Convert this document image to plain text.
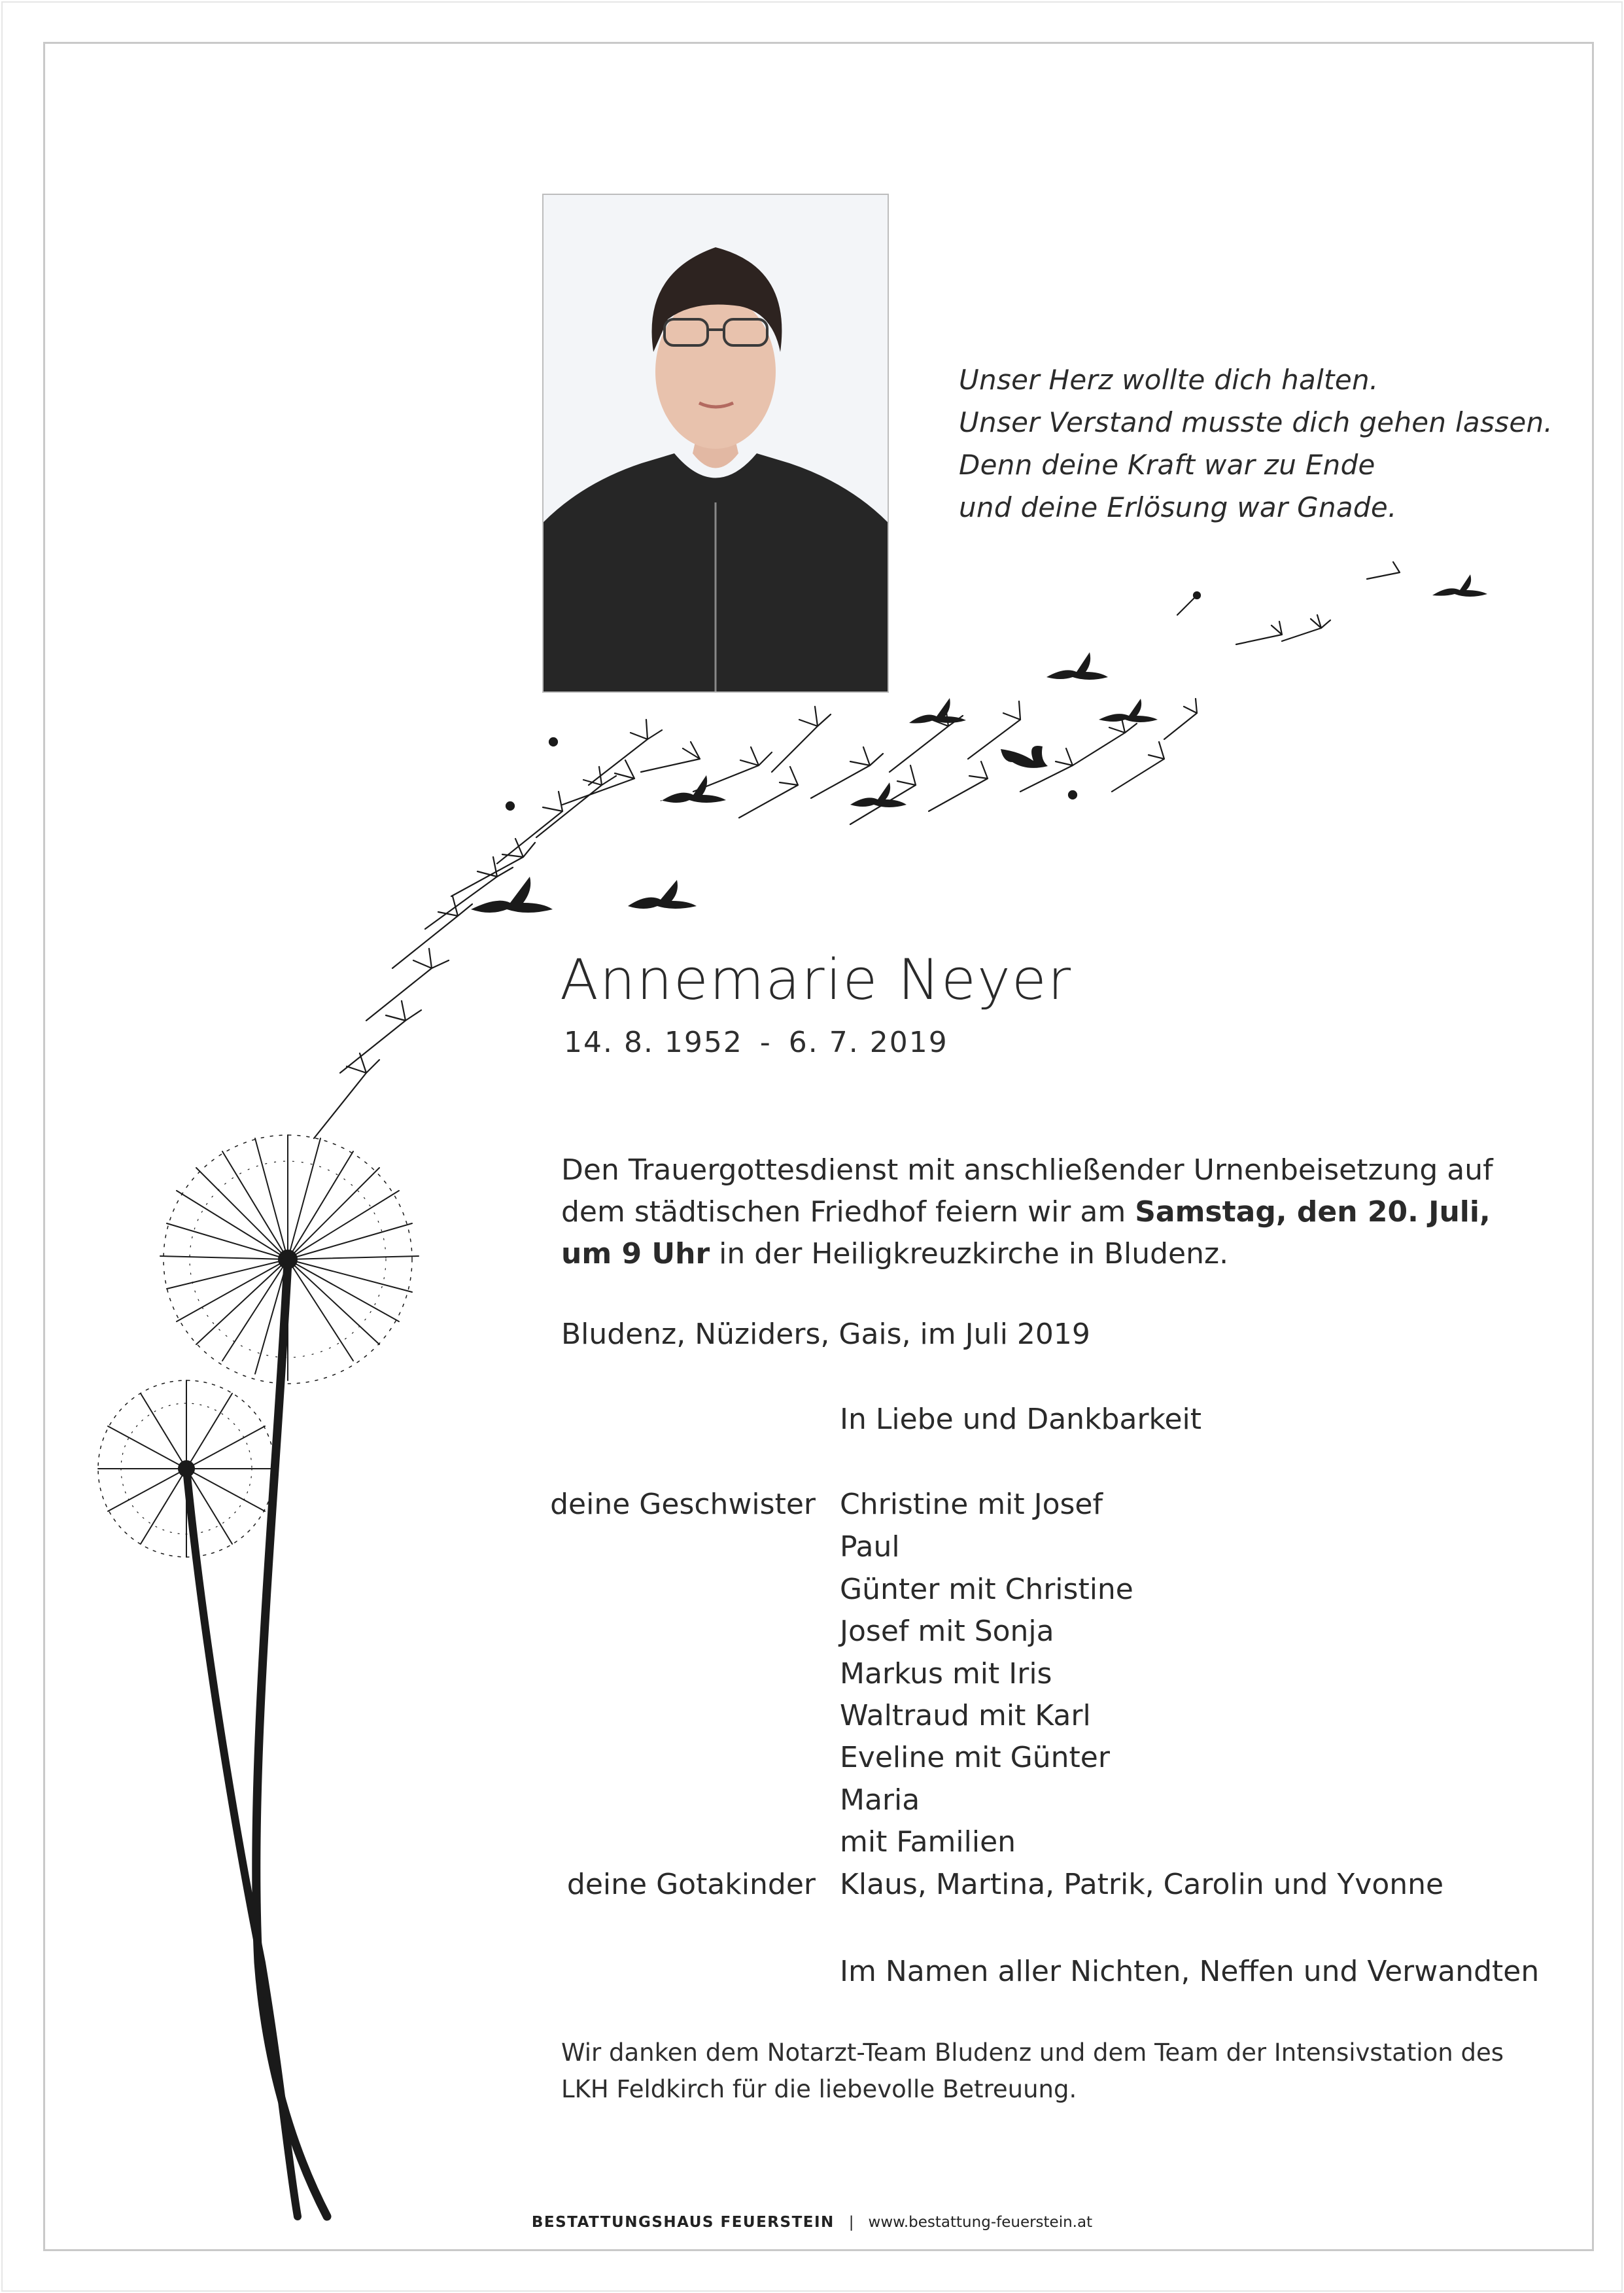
Unser Herz wollte dich halten.
Unser Verstand musste dich gehen lassen.
Denn deine Kraft war zu Ende
und deine Erlösung war Gnade.
Annemarie Neyer
14. 8. 1952 - 6. 7. 2019
Den Trauergottesdienst mit anschließender Urnenbeisetzung auf dem städtischen Friedhof feiern wir am Samstag, den 20. Juli, um 9 Uhr in der Heiligkreuzkirche in Bludenz.
Bludenz, Nüziders, Gais, im Juli 2019
In Liebe und Dankbarkeit
deine Geschwister Christine mit Josef
Paul
Günter mit Christine
Josef mit Sonja
Markus mit Iris
Waltraud mit Karl
Eveline mit Günter
Maria
mit Familien
deine Gotakinder Klaus, Martina, Patrik, Carolin und Yvonne
Im Namen aller Nichten, Neffen und Verwandten
Wir danken dem Notarzt-Team Bludenz und dem Team der Intensivstation des LKH Feldkirch für die liebevolle Betreuung.
BESTATTUNGSHAUS FEUERSTEIN | www.bestattung-feuerstein.at
